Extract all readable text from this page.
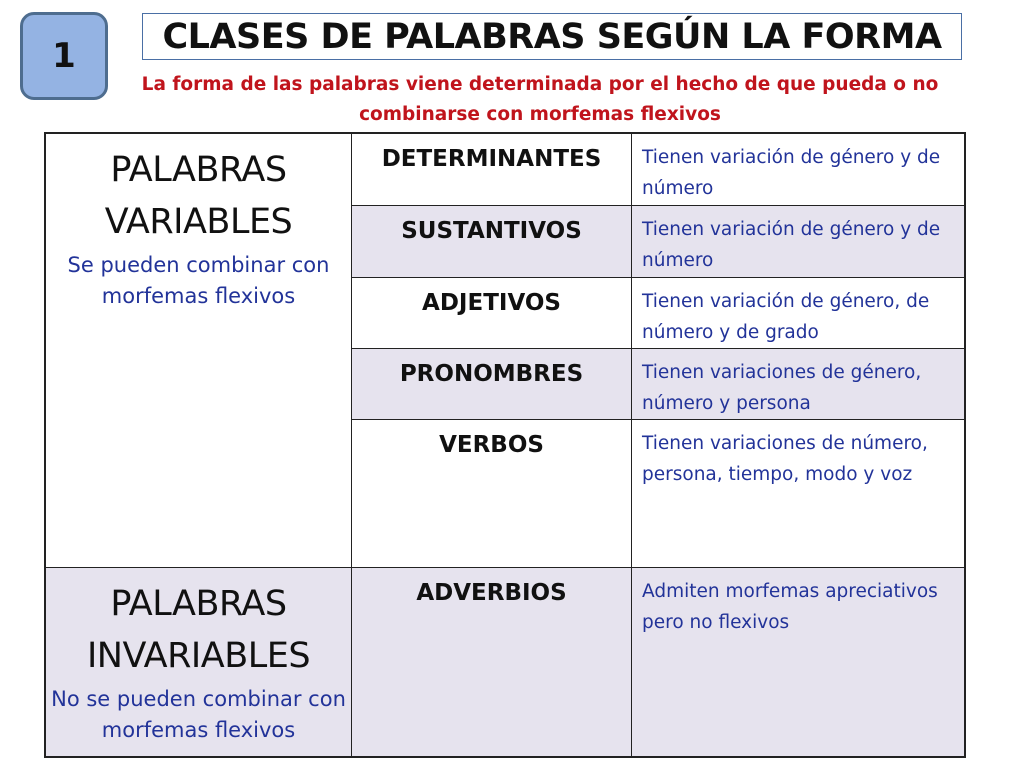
1 CLASES DE PALABRAS SEGÚN LA FORMA
La forma de las palabras viene determinada por el hecho de que pueda o no combinarse con morfemas flexivos
PALABRAS
VARIABLES
Se pueden combinar con morfemas flexivos
DETERMINANTES	Tienen variación de género y de número
SUSTANTIVOS	Tienen variación de género y de número
ADJETIVOS	Tienen variación de género, de número y de grado
PRONOMBRES	Tienen variaciones de género, número y persona
VERBOS	Tienen variaciones de número, persona, tiempo, modo y voz
PALABRAS
INVARIABLES
No se pueden combinar con morfemas flexivos
ADVERBIOS	Admiten morfemas apreciativos pero no flexivos
